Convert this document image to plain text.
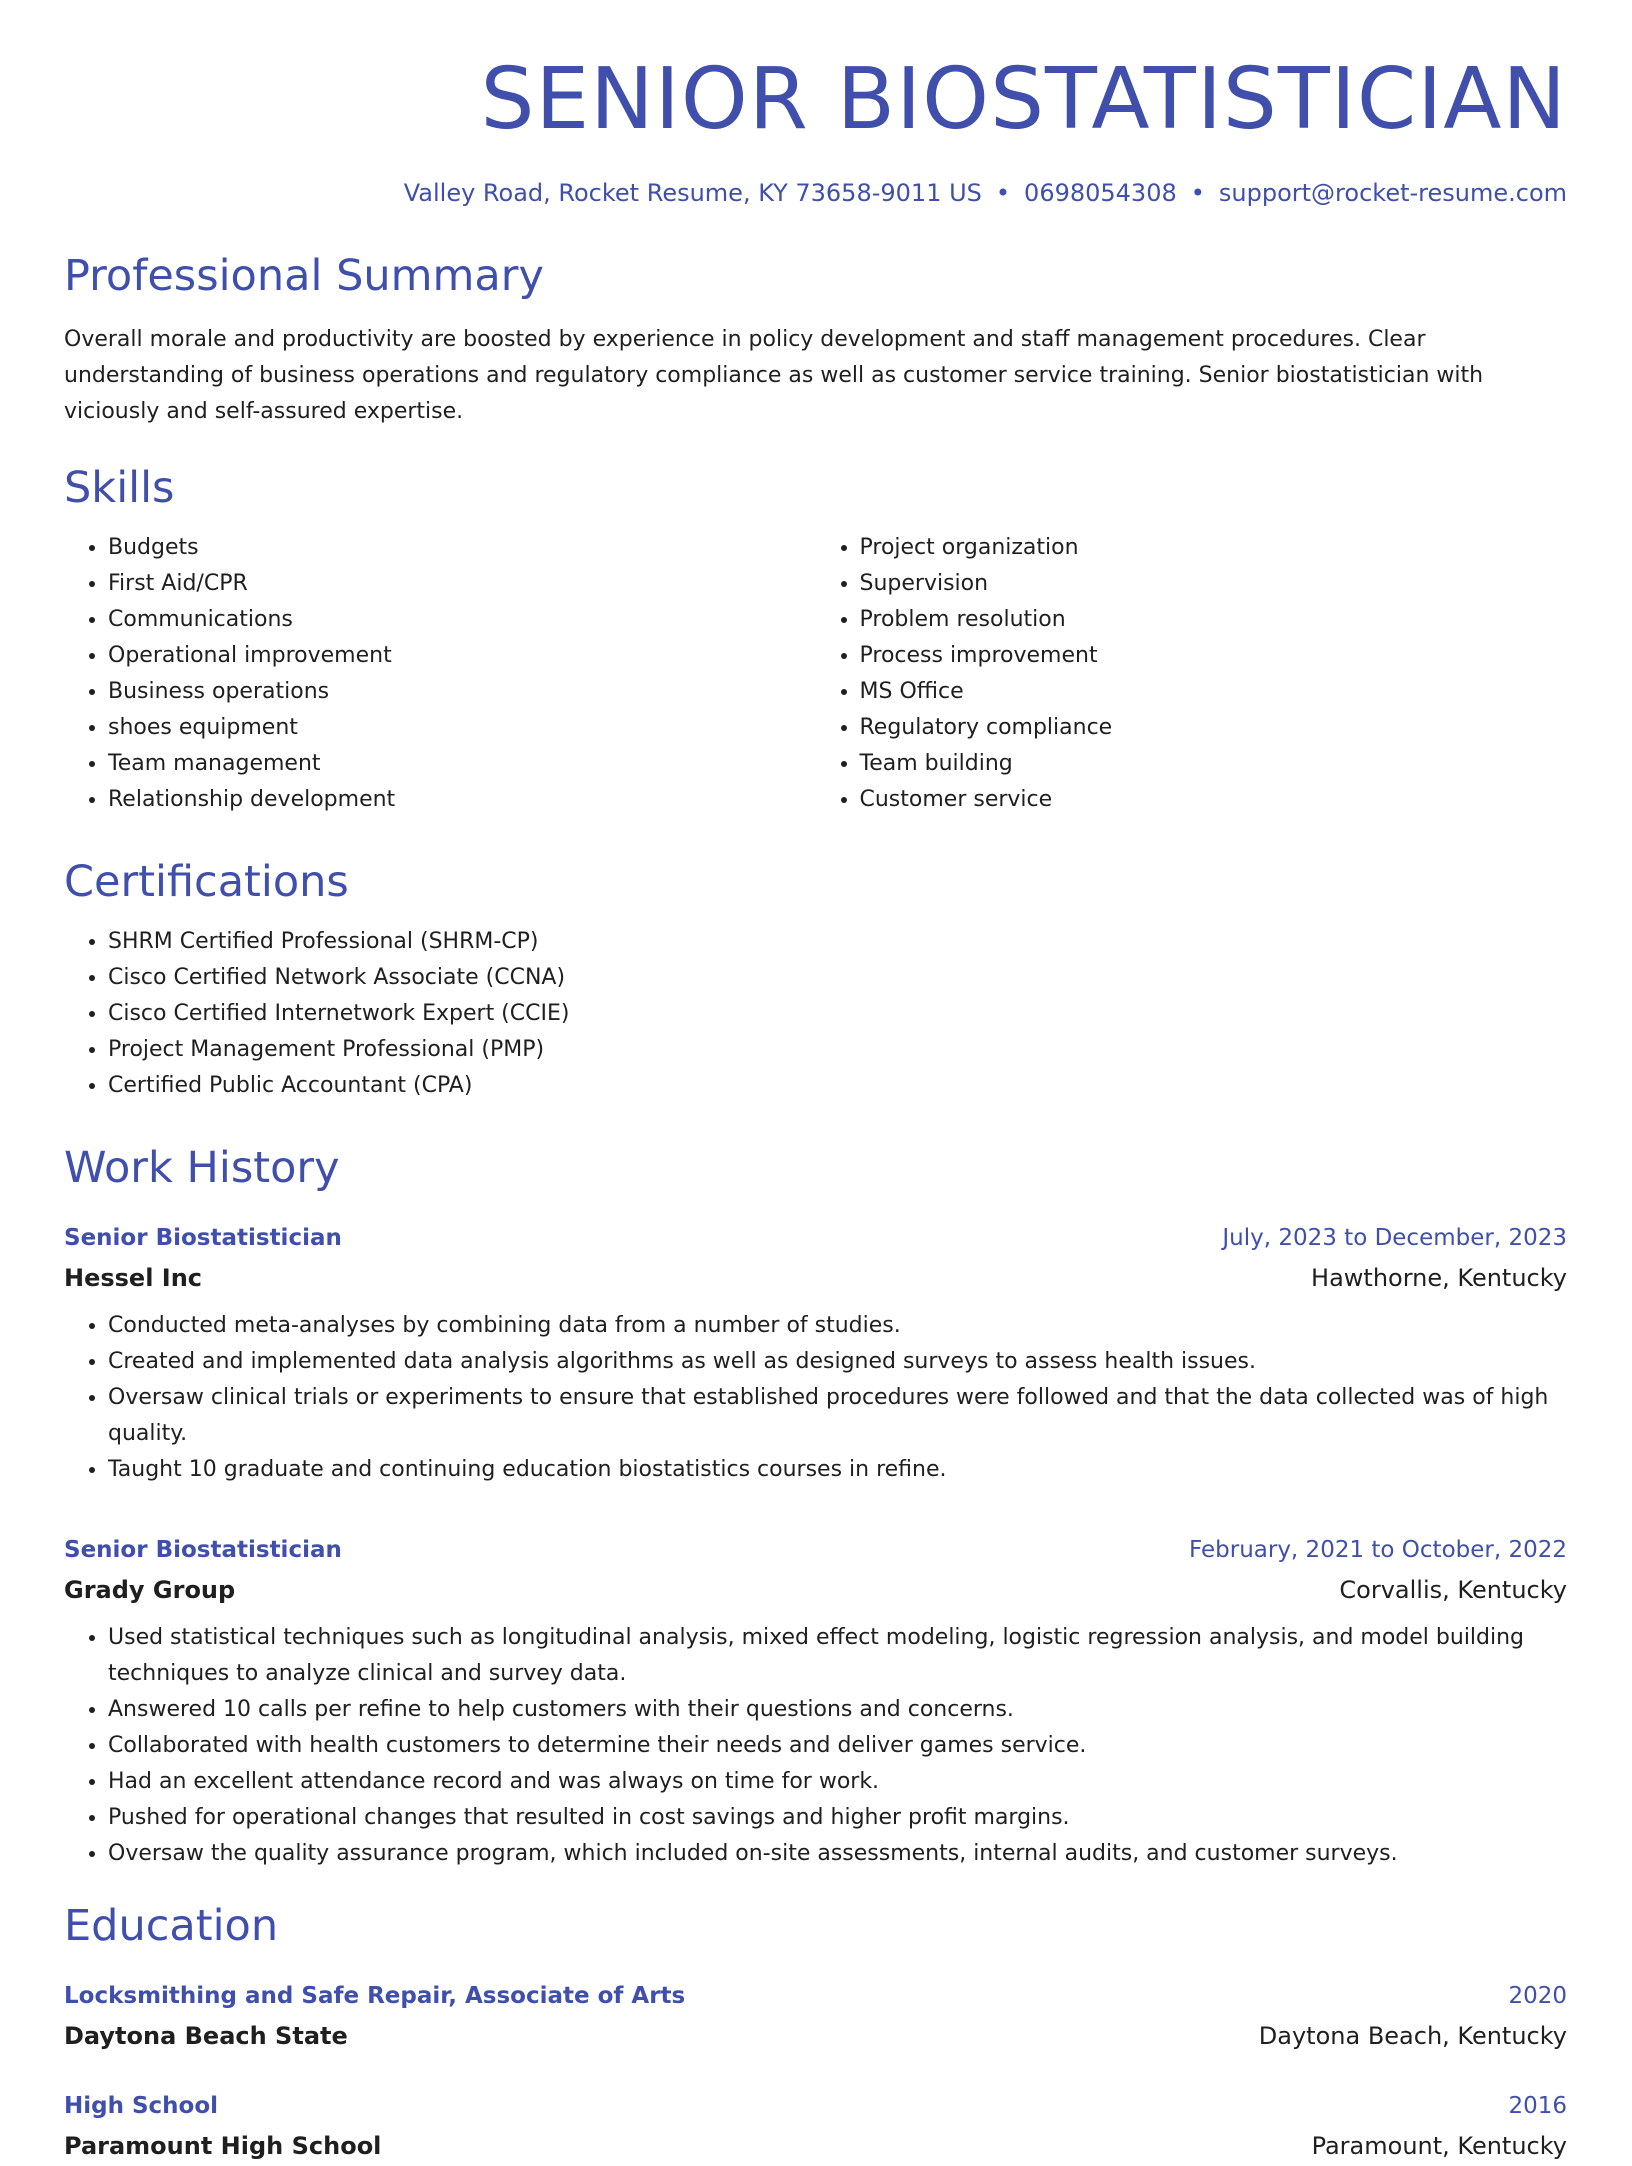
SENIOR BIOSTATISTICIAN
Valley Road, Rocket Resume, KY 73658-9011 US • 0698054308 • support@rocket-resume.com
Professional Summary

Overall morale and productivity are boosted by experience in policy development and staff management procedures. Clear understanding of business operations and regulatory compliance as well as customer service training. Senior biostatistician with viciously and self-assured expertise.

Skills
• Budgets
• First Aid/CPR
• Communications
• Operational improvement
• Business operations
• shoes equipment
• Team management
• Relationship development
• Project organization
• Supervision
• Problem resolution
• Process improvement
• MS Office
• Regulatory compliance
• Team building
• Customer service
Certifications
• SHRM Certified Professional (SHRM-CP)
• Cisco Certified Network Associate (CCNA)
• Cisco Certified Internetwork Expert (CCIE)
• Project Management Professional (PMP)
• Certified Public Accountant (CPA)
Work History
Senior Biostatistician	July, 2023 to December, 2023
Hessel Inc	Hawthorne, Kentucky
• Conducted meta-analyses by combining data from a number of studies.
• Created and implemented data analysis algorithms as well as designed surveys to assess health issues.
• Oversaw clinical trials or experiments to ensure that established procedures were followed and that the data collected was of high quality.
• Taught 10 graduate and continuing education biostatistics courses in refine.
Senior Biostatistician	February, 2021 to October, 2022
Grady Group	Corvallis, Kentucky
• Used statistical techniques such as longitudinal analysis, mixed effect modeling, logistic regression analysis, and model building techniques to analyze clinical and survey data.
• Answered 10 calls per refine to help customers with their questions and concerns.
• Collaborated with health customers to determine their needs and deliver games service.
• Had an excellent attendance record and was always on time for work.
• Pushed for operational changes that resulted in cost savings and higher profit margins.
• Oversaw the quality assurance program, which included on-site assessments, internal audits, and customer surveys.
Education
Locksmithing and Safe Repair, Associate of Arts	2020
Daytona Beach State	Daytona Beach, Kentucky
High School	2016
Paramount High School	Paramount, Kentucky
